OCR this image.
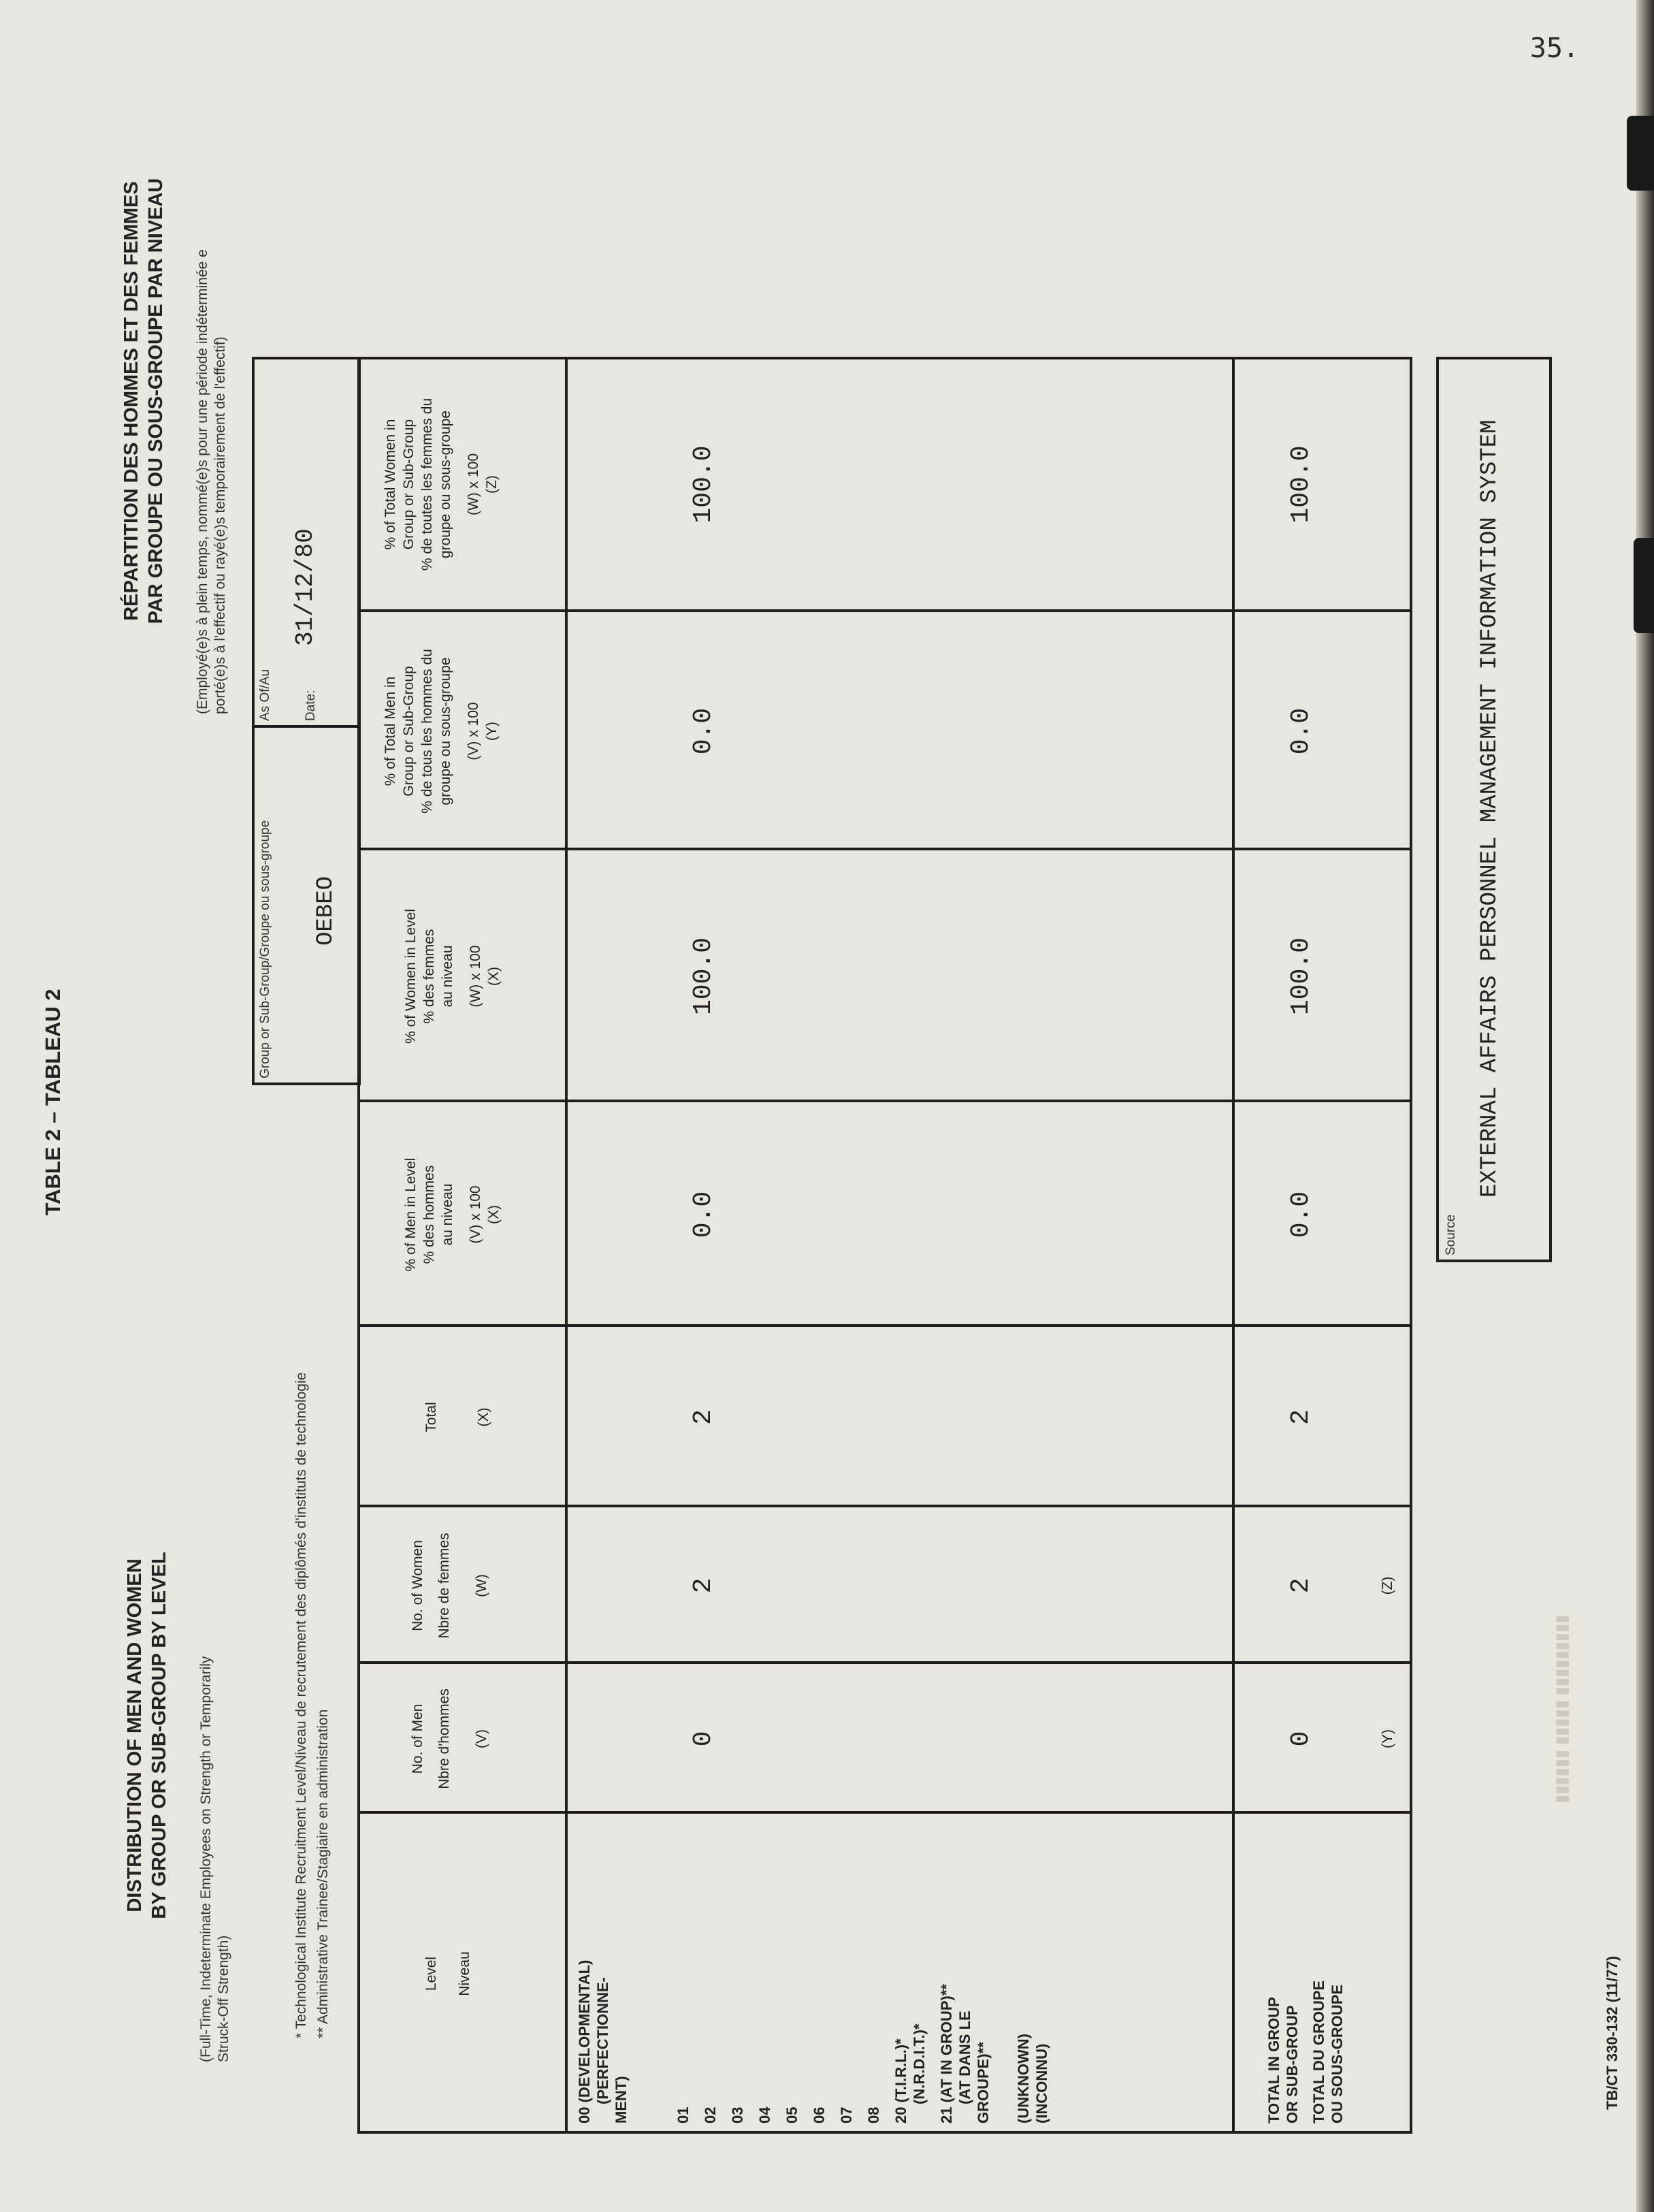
35.

▮▮▮▮▮▮ ▮▮▮▮▮ ▮▮▮▮▮▮▮▮▮
TABLE 2 – TABLEAU 2
DISTRIBUTION OF MEN AND WOMEN BY GROUP OR SUB-GROUP BY LEVEL (Full-Time, Indeterminate Employees on Strength or Temporarily Struck-Off Strength)
RÉPARTITION DES HOMMES ET DES FEMMES PAR GROUPE OU SOUS-GROUPE PAR NIVEAU (Employé(e)s à plein temps, nommé(e)s pour une période indéterminée e porté(e)s à l'effectif ou rayé(e)s temporairement de l'effectif)
* Technological Institute Recruitment Level/Niveau de recrutement des diplômés d'instituts de technologie ** Administrative Trainee/Stagiaire en administration
Group or Sub-Group/Groupe ou sous-groupe OEBEO
As Of/Au Date:
31/12/80
Level Niveau
No. of Men Nbre d'hommes (V)
No. of Women Nbre de femmes (W)
Total	(X)
% of Men in Level % des hommes au niveau (V) x 100 (X)
% of Women in Level % des femmes au niveau (W) x 100 (X)
% of Total Men in Group or Sub-Group % de tous les hommes du groupe ou sous-groupe (V) x 100 (Y)
% of Total Women in Group or Sub-Group % de toutes les femmes du groupe ou sous-groupe (W) x 100 (Z)
00 (DEVELOPMENTAL) (PERFECTIONNE- MENT)	01 02 03 04 05 06 07 08 20 (T.I.R.L.)* (N.R.D.I.T.)* 21 (AT IN GROUP)** (AT DANS LE GROUPE)** (UNKNOWN) (INCONNU)
0
2
2
0.0
100.0
0.0
100.0
TOTAL IN GROUP OR SUB-GROUP TOTAL DU GROUPE OU SOUS-GROUPE
0
2
2
0.0
100.0
0.0
100.0
(Y)
(Z)
Source
EXTERNAL AFFAIRS PERSONNEL MANAGEMENT INFORMATION SYSTEM
TB/CT 330-132 (11/77)
